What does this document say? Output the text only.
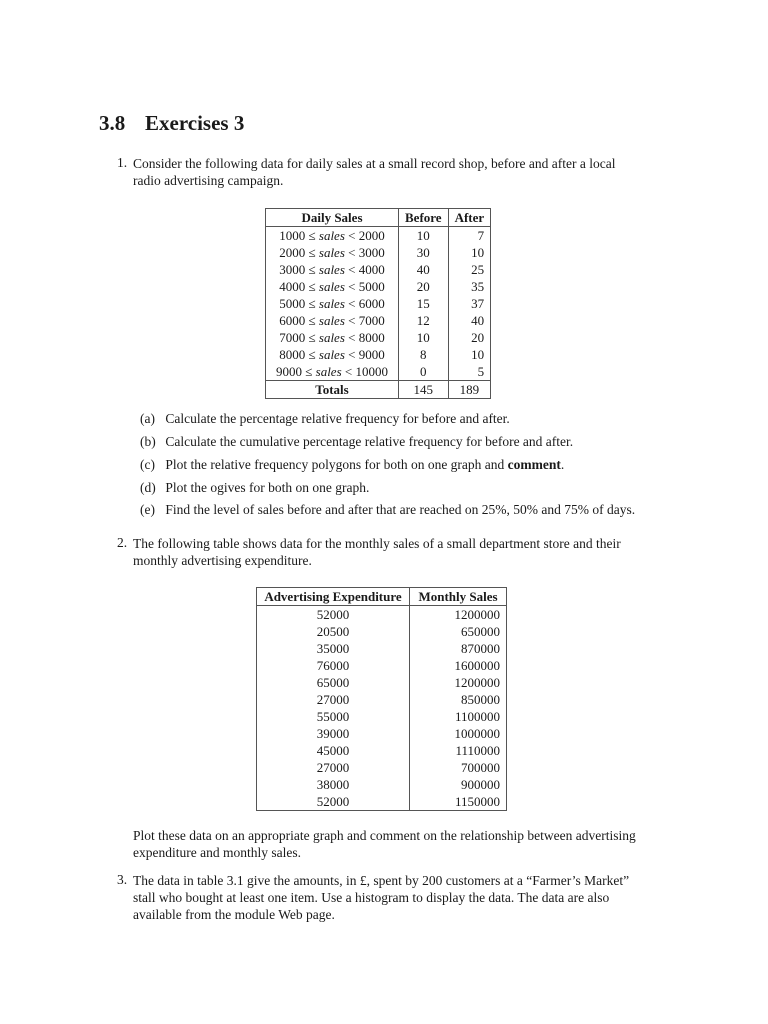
3.8 Exercises 3
1. Consider the following data for daily sales at a small record shop, before and after a local radio advertising campaign.

Daily Sales	Before	After
1000 ≤ sales < 2000	10	7
2000 ≤ sales < 3000	30	10
3000 ≤ sales < 4000	40	25
4000 ≤ sales < 5000	20	35
5000 ≤ sales < 6000	15	37
6000 ≤ sales < 7000	12	40
7000 ≤ sales < 8000	10	20
8000 ≤ sales < 9000	8	10
9000 ≤ sales < 10000	0	5
Totals	145	189
(a) Calculate the percentage relative frequency for before and after.
(b) Calculate the cumulative percentage relative frequency for before and after.
(c) Plot the relative frequency polygons for both on one graph and comment.
(d) Plot the ogives for both on one graph.
(e) Find the level of sales before and after that are reached on 25%, 50% and 75% of days.
2. The following table shows data for the monthly sales of a small department store and their monthly advertising expenditure.

Advertising Expenditure	Monthly Sales
52000	1200000
20500	650000
35000	870000
76000	1600000
65000	1200000
27000	850000
55000	1100000
39000	1000000
45000	1110000
27000	700000
38000	900000
52000	1150000

Plot these data on an appropriate graph and comment on the relationship between advertising expenditure and monthly sales.

3. The data in table 3.1 give the amounts, in £, spent by 200 customers at a “Farmer’s Market” stall who bought at least one item. Use a histogram to display the data. The data are also available from the module Web page.
